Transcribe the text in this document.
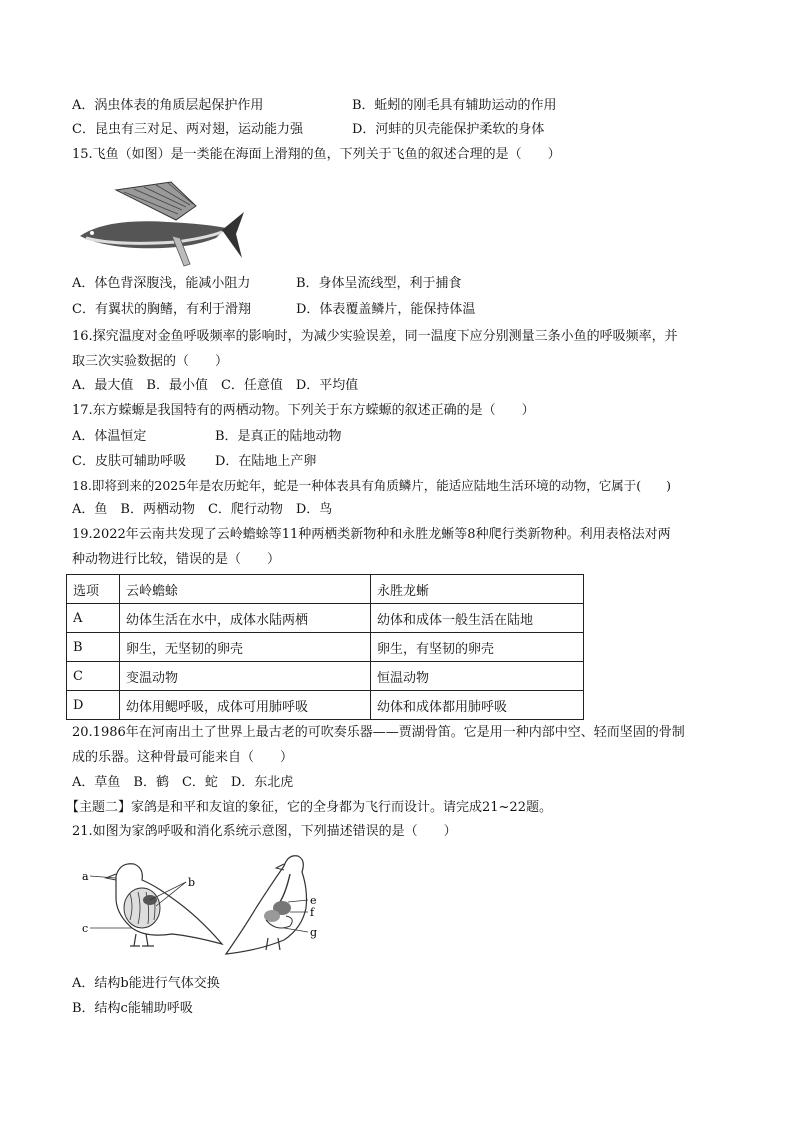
A．涡虫体表的角质层起保护作用	B．蚯蚓的刚毛具有辅助运动的作用
C．昆虫有三对足、两对翅，运动能力强	D．河蚌的贝壳能保护柔软的身体
15.飞鱼（如图）是一类能在海面上滑翔的鱼，下列关于飞鱼的叙述合理的是（　　）
A．体色背深腹浅，能减小阻力	B．身体呈流线型，利于捕食
C．有翼状的胸鳍，有利于滑翔	D．体表覆盖鳞片，能保持体温
16.探究温度对金鱼呼吸频率的影响时，为减少实验误差，同一温度下应分别测量三条小鱼的呼吸频率，并
取三次实验数据的（　　）
A．最大值　B．最小值　C．任意值　D．平均值
17.东方蝾螈是我国特有的两栖动物。下列关于东方蝾螈的叙述正确的是（　　）
A．体温恒定	B．是真正的陆地动物
C．皮肤可辅助呼吸 D．在陆地上产卵
18.即将到来的2025年是农历蛇年，蛇是一种体表具有角质鳞片，能适应陆地生活环境的动物，它属于(　　)
A．鱼　B．两栖动物　C．爬行动物　D．鸟
19.2022年云南共发现了云岭蟾蜍等11种两栖类新物种和永胜龙蜥等8种爬行类新物种。利用表格法对两
种动物进行比较，错误的是（　　）
选项	云岭蟾蜍	永胜龙蜥
A	幼体生活在水中，成体水陆两栖	幼体和成体一般生活在陆地
B	卵生，无坚韧的卵壳	卵生，有坚韧的卵壳
C	变温动物	恒温动物
D	幼体用鳃呼吸，成体可用肺呼吸	幼体和成体都用肺呼吸
20.1986年在河南出土了世界上最古老的可吹奏乐器——贾湖骨笛。它是用一种内部中空、轻而坚固的骨制
成的乐器。这种骨最可能来自（　　）
A．草鱼　B．鹤　C．蛇　D．东北虎
【主题二】家鸽是和平和友谊的象征，它的全身都为飞行而设计。请完成21~22题。
21.如图为家鸽呼吸和消化系统示意图，下列描述错误的是（　　）
a	b
c
e
f
g
A．结构b能进行气体交换
B．结构c能辅助呼吸
